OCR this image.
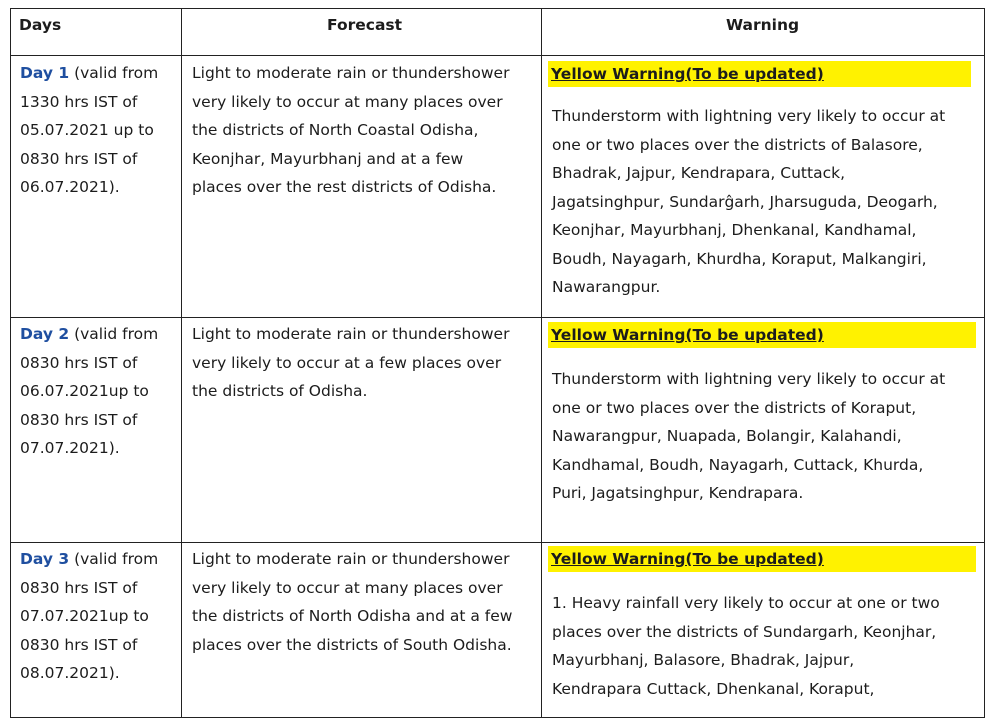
Days	Forecast	Warning
Day 1 (valid from
1330 hrs IST of
05.07.2021 up to
0830 hrs IST of
06.07.2021).
Light to moderate rain or thundershower
very likely to occur at many places over
the districts of North Coastal Odisha,
Keonjhar, Mayurbhanj and at a few
places over the rest districts of Odisha.
Yellow Warning(To be updated)
Thunderstorm with lightning very likely to occur at
one or two places over the districts of Balasore,
Bhadrak, Jajpur, Kendrapara, Cuttack,
Jagatsinghpur, Sundarĝarh, Jharsuguda, Deogarh,
Keonjhar, Mayurbhanj, Dhenkanal, Kandhamal,
Boudh, Nayagarh, Khurdha, Koraput, Malkangiri,
Nawarangpur.
Day 2 (valid from
0830 hrs IST of
06.07.2021up to
0830 hrs IST of
07.07.2021).
Light to moderate rain or thundershower
very likely to occur at a few places over
the districts of Odisha.
Yellow Warning(To be updated)
Thunderstorm with lightning very likely to occur at
one or two places over the districts of Koraput,
Nawarangpur, Nuapada, Bolangir, Kalahandi,
Kandhamal, Boudh, Nayagarh, Cuttack, Khurda,
Puri, Jagatsinghpur, Kendrapara.
Day 3 (valid from
0830 hrs IST of
07.07.2021up to
0830 hrs IST of
08.07.2021).
Light to moderate rain or thundershower
very likely to occur at many places over
the districts of North Odisha and at a few
places over the districts of South Odisha.
Yellow Warning(To be updated)
1. Heavy rainfall very likely to occur at one or two
places over the districts of Sundargarh, Keonjhar,
Mayurbhanj, Balasore, Bhadrak, Jajpur,
Kendrapara Cuttack, Dhenkanal, Koraput,
